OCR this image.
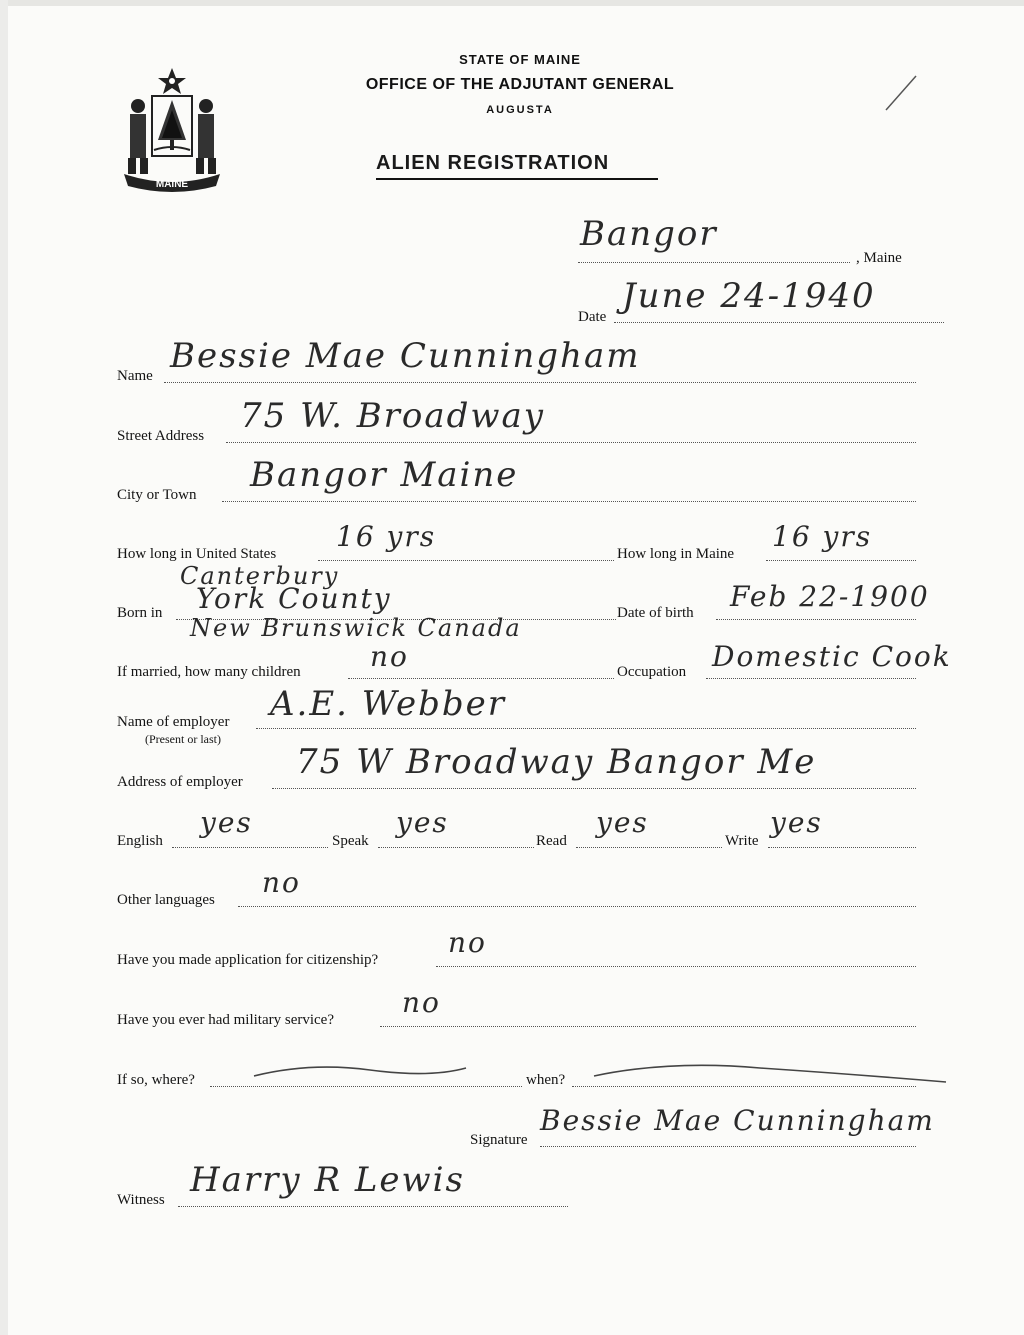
MAINE
STATE OF MAINE
OFFICE OF THE ADJUTANT GENERAL
AUGUSTA
ALIEN REGISTRATION
Bangor
, Maine
Date
June 24-1940
Name Bessie Mae Cunningham
Street Address 75 W. Broadway
City or Town Bangor Maine
How long in United States
16 yrs
How long in Maine
16 yrs
Canterbury
Born in York County
New Brunswick Canada
Date of birth Feb 22-1900
If married, how many children no	Occupation Domestic Cook
Name of employer
(Present or last)
A.E. Webber
Address of employer 75 W Broadway Bangor Me
English
yes
Speak
yes
Read
yes
Write
yes
Other languages
no
Have you made application for citizenship?
no
Have you ever had military service?
no
If so, where?	when?
Signature
Bessie Mae Cunningham
Witness Harry R Lewis
